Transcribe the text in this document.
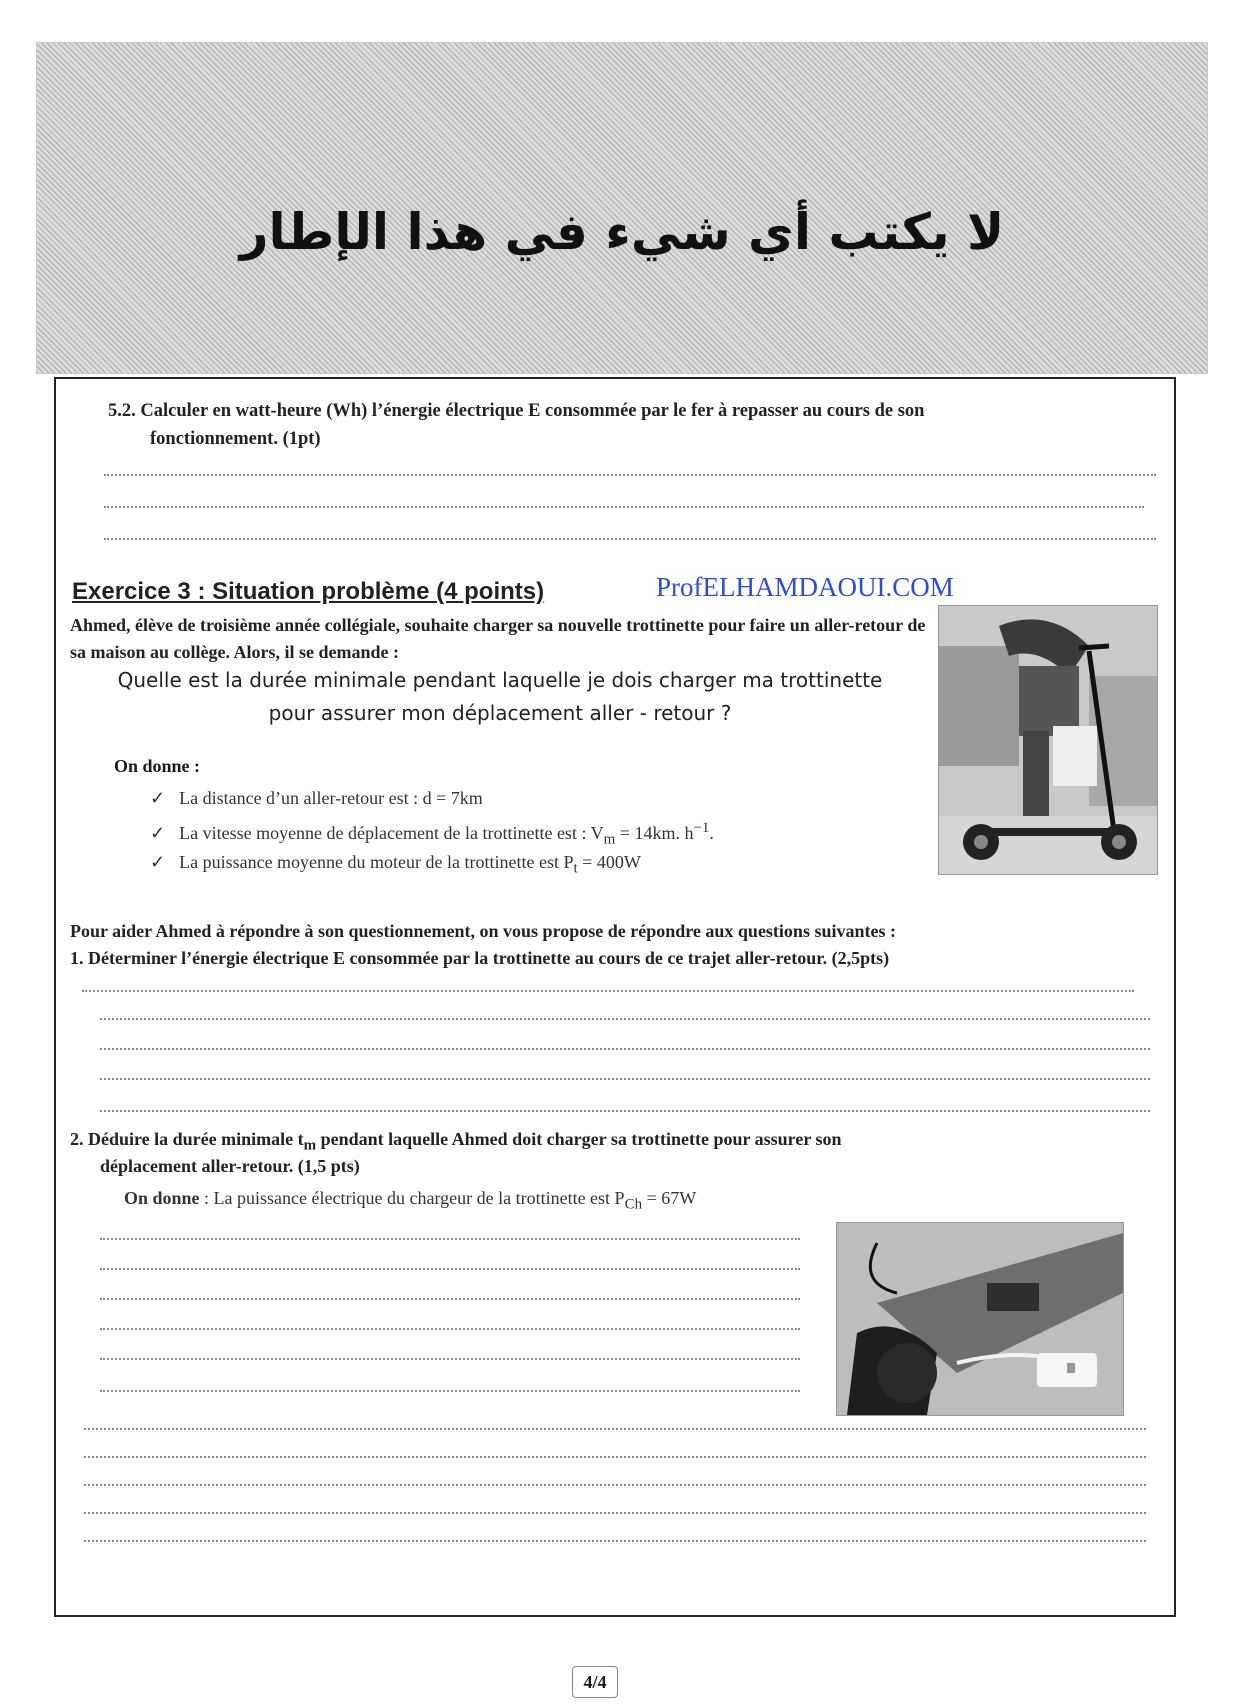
لا يكتب أي شيء في هذا الإطار
5.2. Calculer en watt-heure (Wh) l’énergie électrique E consommée par le fer à repasser au cours de son
fonctionnement. (1pt)
Exercice 3 : Situation problème (4 points)	ProfELHAMDAOUI.COM
Ahmed, élève de troisième année collégiale, souhaite charger sa nouvelle trottinette pour faire un aller-retour de sa maison au collège. Alors, il se demande :
Quelle est la durée minimale pendant laquelle je dois charger ma trottinette
pour assurer mon déplacement aller - retour ?
On donne :
✓ La distance d’un aller-retour est : d = 7km
✓ La vitesse moyenne de déplacement de la trottinette est : $V_m = 14km$. $h^{-1}$.
✓ La puissance moyenne du moteur de la trottinette est $P_t = 400W$
Pour aider Ahmed à répondre à son questionnement, on vous propose de répondre aux questions suivantes :
1. Déterminer l’énergie électrique E consommée par la trottinette au cours de ce trajet aller-retour. (2,5pts)
2. Déduire la durée minimale $t_m$ pendant laquelle Ahmed doit charger sa trottinette pour assurer son
déplacement aller-retour. (1,5 pts)
On donne : La puissance électrique du chargeur de la trottinette est $P_{Ch} = 67W$
4/4
